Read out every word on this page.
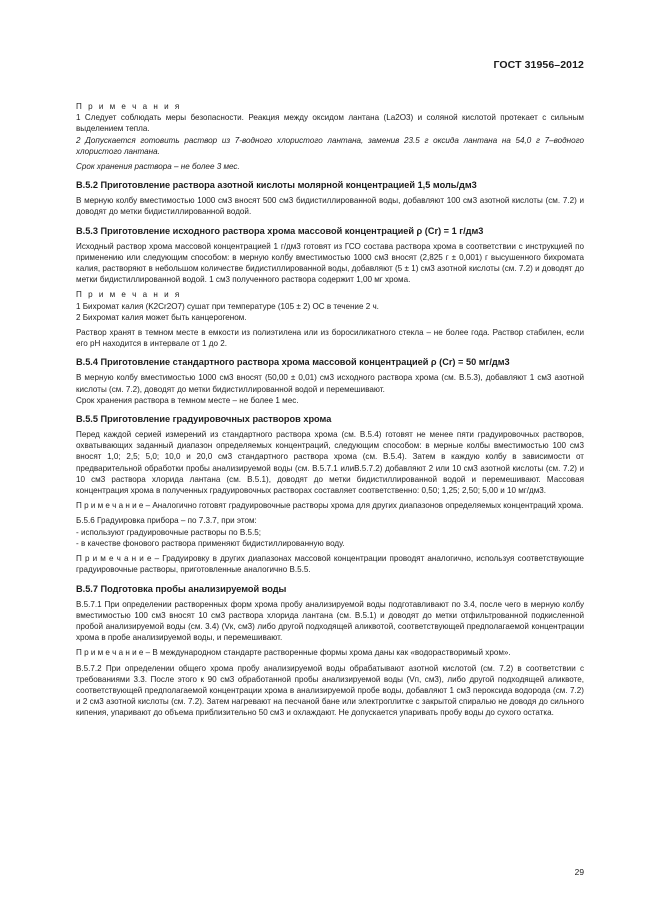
ГОСТ 31956–2012

П р и м е ч а н и я

1 Следует соблюдать меры безопасности. Реакция между оксидом лантана (La2O3) и соляной кислотой протекает с сильным выделением тепла.

2 Допускается готовить раствор из 7-водного хлористого лантана, заменив 23.5 г оксида лантана на 54,0 г 7–водного хлористого лантана.

Срок хранения раствора – не более 3 мес.

В.5.2 Приготовление раствора азотной кислоты молярной концентрацией 1,5 моль/дм3

В мерную колбу вместимостью 1000 см3 вносят 500 см3 бидистиллированной воды, добавляют 100 см3 азотной кислоты (см. 7.2) и доводят до метки бидистиллированной водой.

В.5.3 Приготовление исходного раствора хрома массовой концентрацией ρ (Cr) = 1 г/дм3

Исходный раствор хрома массовой концентрацией 1 г/дм3 готовят из ГСО состава раствора хрома в соответствии с инструкцией по применению или следующим способом: в мерную колбу вместимостью 1000 см3 вносят (2,825 г ± 0,001) г высушенного бихромата калия, растворяют в небольшом количестве бидистиллированной воды, добавляют (5 ± 1) см3 азотной кислоты (см. 7.2) и доводят до метки бидистиллированной водой. 1 см3 полученного раствора содержит 1,00 мг хрома.

П р и м е ч а н и я

1 Бихромат калия (K2Cr2O7) сушат при температуре (105 ± 2) ОС в течение 2 ч.

2 Бихромат калия может быть канцерогеном.

Раствор хранят в темном месте в емкости из полиэтилена или из боросиликатного стекла – не более года. Раствор стабилен, если его pH находится в интервале от 1 до 2.

В.5.4 Приготовление стандартного раствора хрома массовой концентрацией ρ (Cr) = 50 мг/дм3

В мерную колбу вместимостью 1000 см3 вносят (50,00 ± 0,01) см3 исходного раствора хрома (см. В.5.3), добавляют 1 см3 азотной кислоты (см. 7.2), доводят до метки бидистиллированной водой и перемешивают.

Срок хранения раствора в темном месте – не более 1 мес.

В.5.5 Приготовление градуировочных растворов хрома

Перед каждой серией измерений из стандартного раствора хрома (см. В.5.4) готовят не менее пяти градуировочных растворов, охватывающих заданный диапазон определяемых концентраций, следующим способом: в мерные колбы вместимостью 100 см3 вносят 1,0; 2,5; 5,0; 10,0 и 20,0 см3 стандартного раствора хрома (см. В.5.4). Затем в каждую колбу в зависимости от предварительной обработки пробы анализируемой воды (см. В.5.7.1 илиВ.5.7.2) добавляют 2 или 10 см3 азотной кислоты (см. 7.2) и 10 см3 раствора хлорида лантана (см. В.5.1), доводят до метки бидистиллированной водой и перемешивают. Массовая концентрация хрома в полученных градуировочных растворах составляет соответственно: 0,50; 1,25; 2,50; 5,00 и 10 мг/дм3.

П р и м е ч а н и е – Аналогично готовят градуировочные растворы хрома для других диапазонов определяемых концентраций хрома.

Б.5.6 Градуировка прибора – по 7.3.7, при этом:

- используют градуировочные растворы по В.5.5;

- в качестве фонового раствора применяют бидистиллированную воду.

П р и м е ч а н и е – Градуировку в других диапазонах массовой концентрации проводят аналогично, используя соответствующие градуировочные растворы, приготовленные аналогично В.5.5.

В.5.7 Подготовка пробы анализируемой воды

В.5.7.1 При определении растворенных форм хрома пробу анализируемой воды подготавливают по 3.4, после чего в мерную колбу вместимостью 100 см3 вносят 10 см3 раствора хлорида лантана (см. В.5.1) и доводят до метки отфильтрованной подкисленной пробой анализируемой воды (см. 3.4) (Vк, см3) либо другой подходящей аликвотой, соответствующей предполагаемой концентрации хрома в пробе анализируемой воды, и перемешивают.

П р и м е ч а н и е – В международном стандарте растворенные формы хрома даны как «водорастворимый хром».

В.5.7.2 При определении общего хрома пробу анализируемой воды обрабатывают азотной кислотой (см. 7.2) в соответствии с требованиями 3.3. После этого к 90 см3 обработанной пробы анализируемой воды (Vп, см3), либо другой подходящей аликвоте, соответствующей предполагаемой концентрации хрома в анализируемой пробе воды, добавляют 1 см3 пероксида водорода (см. 7.2) и 2 см3 азотной кислоты (см. 7.2). Затем нагревают на песчаной бане или электроплитке с закрытой спиралью не доводя до сильного кипения, упаривают до объема приблизительно 50 см3 и охлаждают. Не допускается упаривать пробу воды до сухого остатка.

29
